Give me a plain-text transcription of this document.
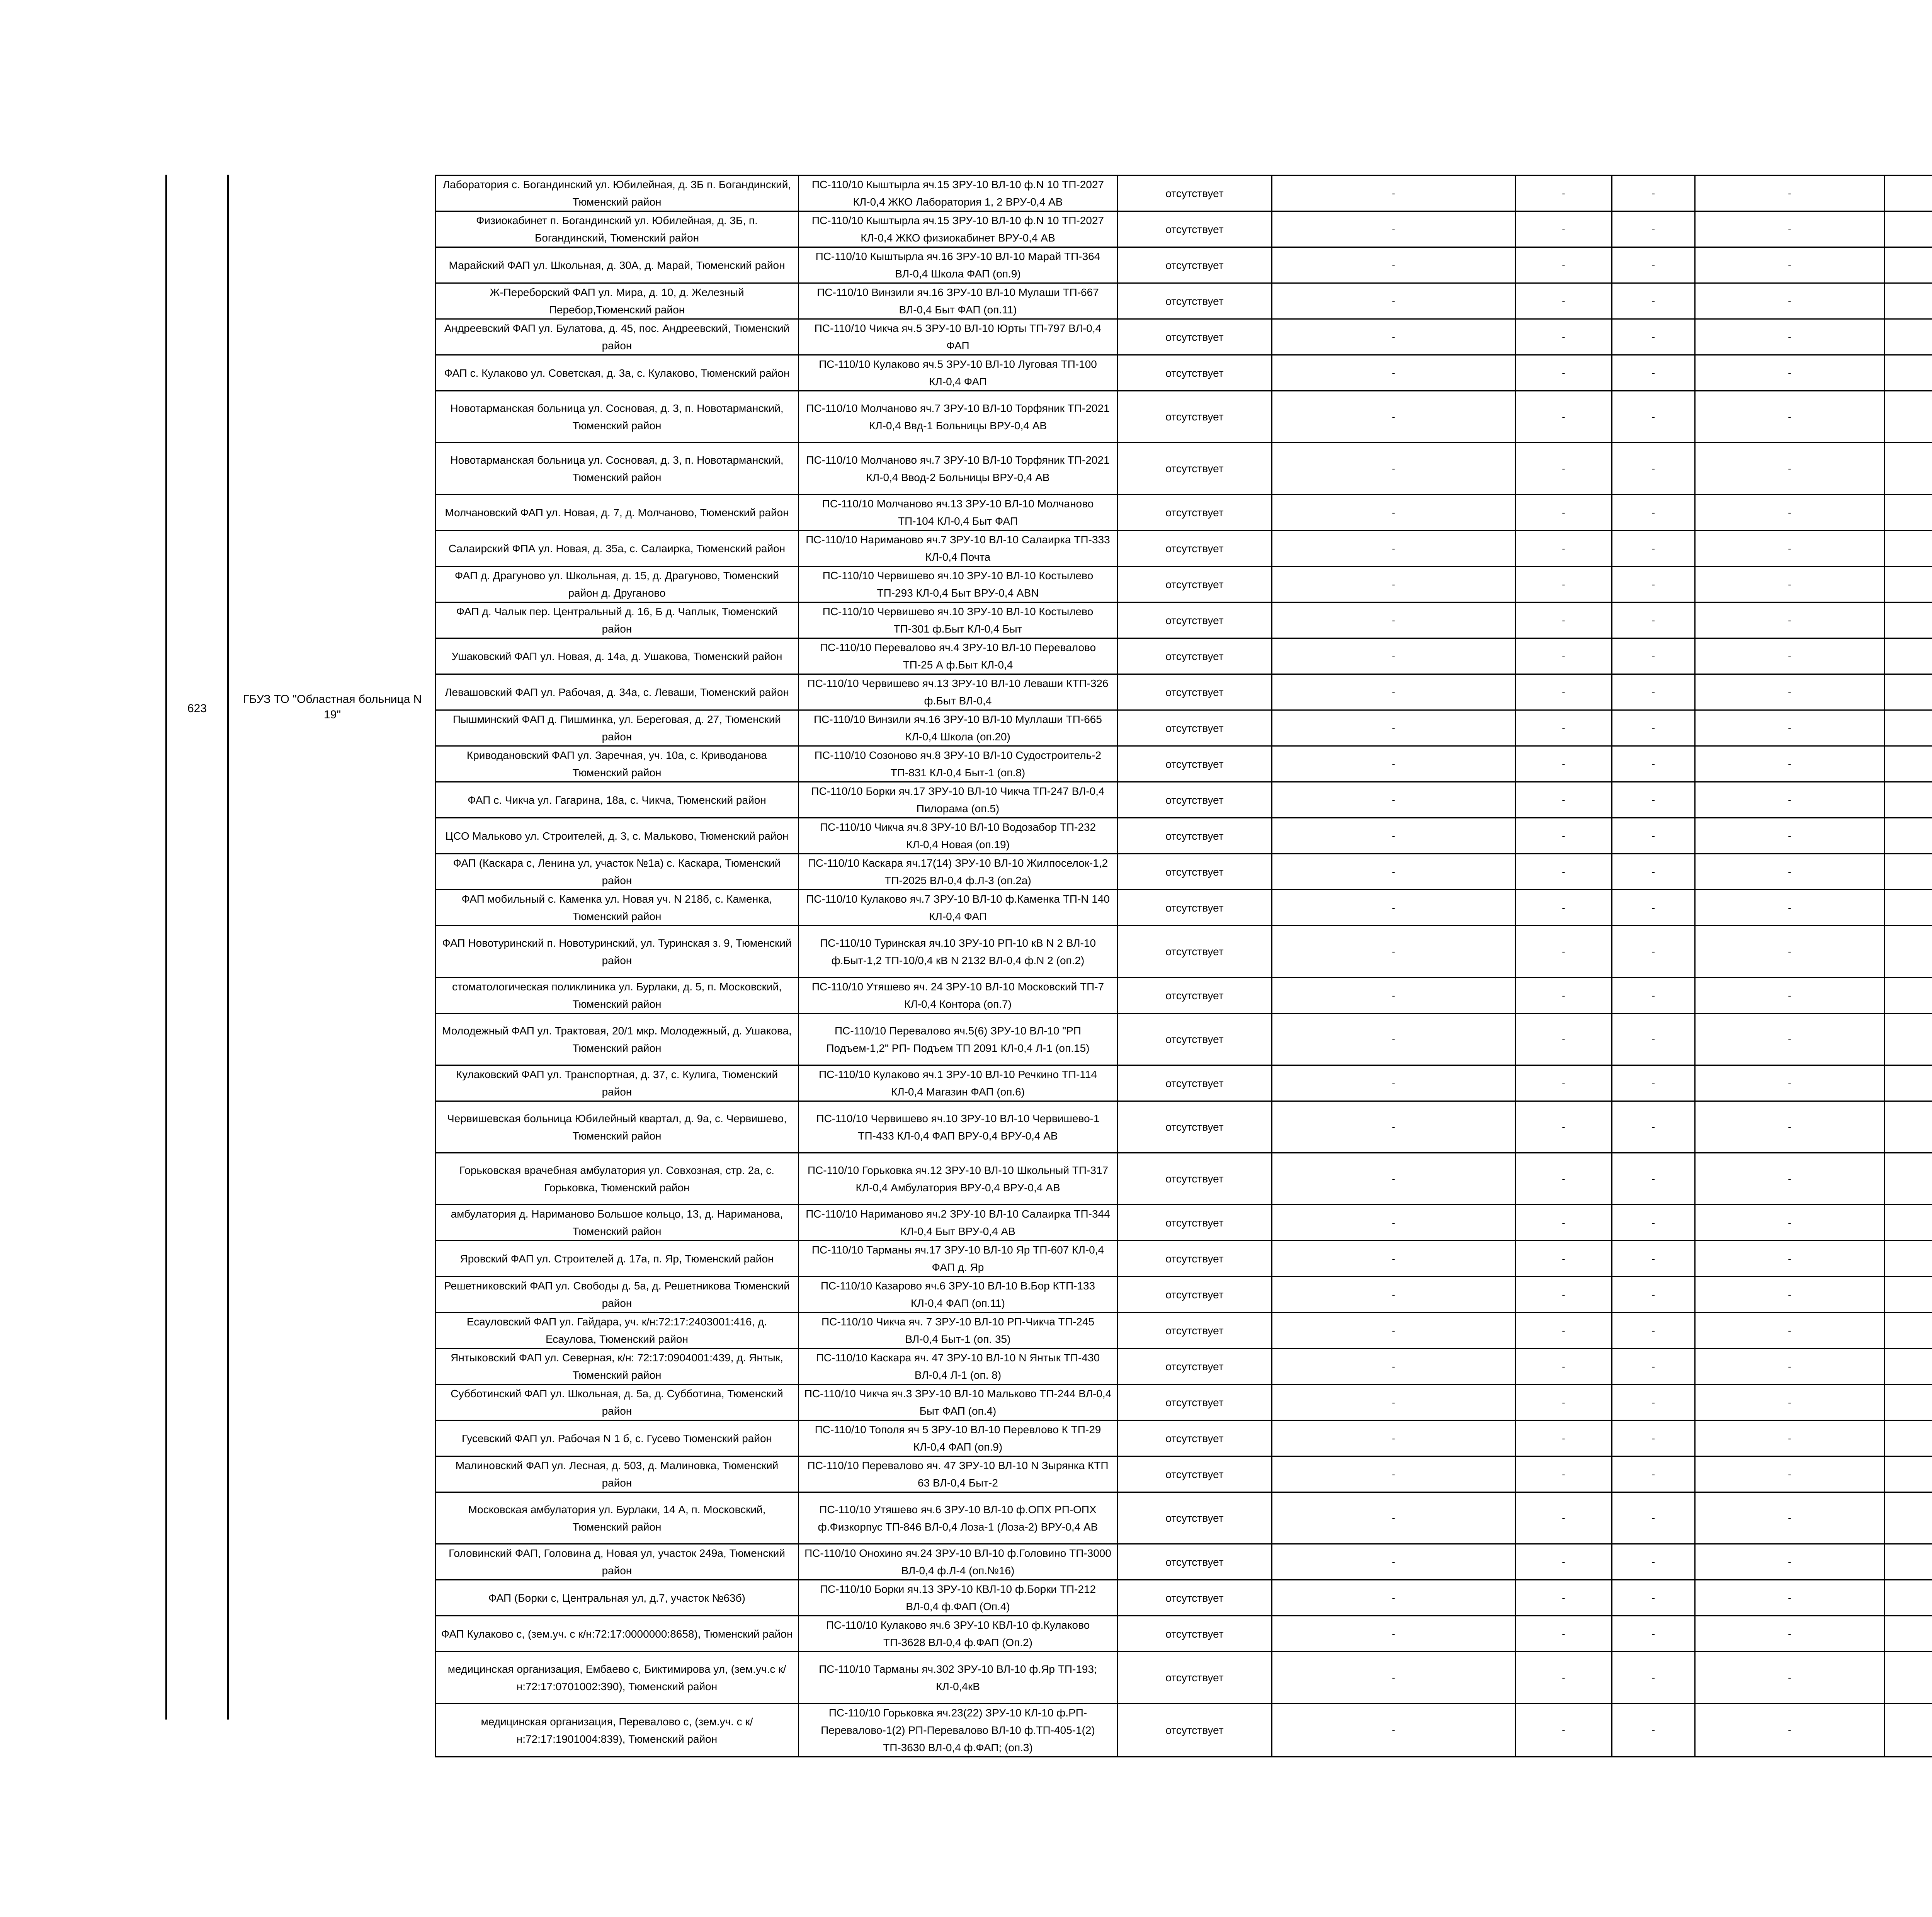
623
ГБУЗ ТО "Областная больница N 19"
Лаборатория с. Богандинский ул. Юбилейная, д. 3Б п. Богандинский, Тюменский район	ПС-110/10 Кыштырла яч.15 ЗРУ-10 ВЛ-10 ф.N 10 ТП-2027 КЛ-0,4 ЖКО Лаборатория 1, 2 ВРУ-0,4 АВ	отсутствует	-	-	-	-		
Физиокабинет п. Богандинский ул. Юбилейная, д. 3Б, п. Богандинский, Тюменский район	ПС-110/10 Кыштырла яч.15 ЗРУ-10 ВЛ-10 ф.N 10 ТП-2027 КЛ-0,4 ЖКО физиокабинет ВРУ-0,4 АВ	отсутствует	-	-	-	-		
Марайский ФАП ул. Школьная, д. 30А, д. Марай, Тюменский район	ПС-110/10 Кыштырла яч.16 ЗРУ-10 ВЛ-10 Марай ТП-364 ВЛ-0,4 Школа ФАП (оп.9)	отсутствует	-	-	-	-		
Ж-Переборский ФАП ул. Мира, д. 10, д. Железный Перебор,Тюменский район	ПС-110/10 Винзили яч.16 ЗРУ-10 ВЛ-10 Мулаши ТП-667 ВЛ-0,4 Быт ФАП (оп.11)	отсутствует	-	-	-	-		
Андреевский ФАП ул. Булатова, д. 45, пос. Андреевский, Тюменский район	ПС-110/10 Чикча яч.5 ЗРУ-10 ВЛ-10 Юрты ТП-797 ВЛ-0,4 ФАП	отсутствует	-	-	-	-		
ФАП с. Кулаково ул. Советская, д. 3а, с. Кулаково, Тюменский район	ПС-110/10 Кулаково яч.5 ЗРУ-10 ВЛ-10 Луговая ТП-100 КЛ-0,4 ФАП	отсутствует	-	-	-	-		
Новотарманская больница ул. Сосновая, д. 3, п. Новотарманский, Тюменский район	ПС-110/10 Молчаново яч.7 ЗРУ-10 ВЛ-10 Торфяник ТП-2021 КЛ-0,4 Ввд-1 Больницы ВРУ-0,4 АВ	отсутствует	-	-	-	-		
Новотарманская больница ул. Сосновая, д. 3, п. Новотарманский, Тюменский район	ПС-110/10 Молчаново яч.7 ЗРУ-10 ВЛ-10 Торфяник ТП-2021 КЛ-0,4 Ввод-2 Больницы ВРУ-0,4 АВ	отсутствует	-	-	-	-		
Молчановский ФАП ул. Новая, д. 7, д. Молчаново, Тюменский район	ПС-110/10 Молчаново яч.13 ЗРУ-10 ВЛ-10 Молчаново ТП-104 КЛ-0,4 Быт ФАП	отсутствует	-	-	-	-		
Салаирский ФПА ул. Новая, д. 35а, с. Салаирка, Тюменский район	ПС-110/10 Нариманово яч.7 ЗРУ-10 ВЛ-10 Салаирка ТП-333 КЛ-0,4 Почта	отсутствует	-	-	-	-		
ФАП д. Драгуново ул. Школьная, д. 15, д. Драгуново, Тюменский район д. Друганово	ПС-110/10 Червишево яч.10 ЗРУ-10 ВЛ-10 Костылево ТП-293 КЛ-0,4 Быт ВРУ-0,4 АВN	отсутствует	-	-	-	-		
ФАП д. Чалык пер. Центральный д. 16, Б д. Чаплык, Тюменский район	ПС-110/10 Червишево яч.10 ЗРУ-10 ВЛ-10 Костылево ТП-301 ф.Быт КЛ-0,4 Быт	отсутствует	-	-	-	-		
Ушаковский ФАП ул. Новая, д. 14а, д. Ушакова, Тюменский район	ПС-110/10 Перевалово яч.4 ЗРУ-10 ВЛ-10 Перевалово ТП-25 А ф.Быт КЛ-0,4	отсутствует	-	-	-	-		
Левашовский ФАП ул. Рабочая, д. 34а, с. Леваши, Тюменский район	ПС-110/10 Червишево яч.13 ЗРУ-10 ВЛ-10 Леваши КТП-326 ф.Быт ВЛ-0,4	отсутствует	-	-	-	-		
Пышминский ФАП д. Пишминка, ул. Береговая, д. 27, Тюменский район	ПС-110/10 Винзили яч.16 ЗРУ-10 ВЛ-10 Муллаши ТП-665 КЛ-0,4 Школа (оп.20)	отсутствует	-	-	-	-		
Криводановский ФАП ул. Заречная, уч. 10а, с. Криводанова Тюменский район	ПС-110/10 Созоново яч.8 ЗРУ-10 ВЛ-10 Судостроитель-2 ТП-831 КЛ-0,4 Быт-1 (оп.8)	отсутствует	-	-	-	-		
ФАП с. Чикча ул. Гагарина, 18а, с. Чикча, Тюменский район	ПС-110/10 Борки яч.17 ЗРУ-10 ВЛ-10 Чикча ТП-247 ВЛ-0,4 Пилорама (оп.5)	отсутствует	-	-	-	-		
ЦСО Мальково ул. Строителей, д. 3, с. Мальково, Тюменский район	ПС-110/10 Чикча яч.8 ЗРУ-10 ВЛ-10 Водозабор ТП-232 КЛ-0,4 Новая (оп.19)	отсутствует	-	-	-	-		
ФАП (Каскара с, Ленина ул, участок №1а) с. Каскара, Тюменский район	ПС-110/10 Каскара яч.17(14) ЗРУ-10 ВЛ-10 Жилпоселок-1,2 ТП-2025 ВЛ-0,4 ф.Л-3 (оп.2а)	отсутствует	-	-	-	-		
ФАП мобильный с. Каменка ул. Новая уч. N 218б, с. Каменка, Тюменский район	ПС-110/10 Кулаково яч.7 ЗРУ-10 ВЛ-10 ф.Каменка ТП-N 140 КЛ-0,4 ФАП	отсутствует	-	-	-	-		
ФАП Новотуринский п. Новотуринский, ул. Туринская з. 9, Тюменский район	ПС-110/10 Туринская яч.10 ЗРУ-10 РП-10 кВ N 2 ВЛ-10 ф.Быт-1,2 ТП-10/0,4 кВ N 2132 ВЛ-0,4 ф.N 2 (оп.2)	отсутствует	-	-	-	-		
стоматологическая поликлиника ул. Бурлаки, д. 5, п. Московский, Тюменский район	ПС-110/10 Утяшево яч. 24 ЗРУ-10 ВЛ-10 Московский ТП-7 КЛ-0,4 Контора (оп.7)	отсутствует	-	-	-	-		
Молодежный ФАП ул. Трактовая, 20/1 мкр. Молодежный, д. Ушакова, Тюменский район	ПС-110/10 Перевалово яч.5(6) ЗРУ-10 ВЛ-10 "РП Подъем-1,2" РП- Подъем ТП 2091 КЛ-0,4 Л-1 (оп.15)	отсутствует	-	-	-	-		
Кулаковский ФАП ул. Транспортная, д. 37, с. Кулига, Тюменский район	ПС-110/10 Кулаково яч.1 ЗРУ-10 ВЛ-10 Речкино ТП-114 КЛ-0,4 Магазин ФАП (оп.6)	отсутствует	-	-	-	-		
Червишевская больница Юбилейный квартал, д. 9а, с. Червишево, Тюменский район	ПС-110/10 Червишево яч.10 ЗРУ-10 ВЛ-10 Червишево-1 ТП-433 КЛ-0,4 ФАП ВРУ-0,4 ВРУ-0,4 АВ	отсутствует	-	-	-	-		
Горьковская врачебная амбулатория ул. Совхозная, стр. 2а, с. Горьковка, Тюменский район	ПС-110/10 Горьковка яч.12 ЗРУ-10 ВЛ-10 Школьный ТП-317 КЛ-0,4 Амбулатория ВРУ-0,4 ВРУ-0,4 АВ	отсутствует	-	-	-	-		
амбулатория д. Нариманово Большое кольцо, 13, д. Нариманова, Тюменский район	ПС-110/10 Нариманово яч.2 ЗРУ-10 ВЛ-10 Салаирка ТП-344 КЛ-0,4 Быт ВРУ-0,4 АВ	отсутствует	-	-	-	-		
Яровский ФАП ул. Строителей д. 17а, п. Яр, Тюменский район	ПС-110/10 Тарманы яч.17 ЗРУ-10 ВЛ-10 Яр ТП-607 КЛ-0,4 ФАП д. Яр	отсутствует	-	-	-	-		
Решетниковский ФАП ул. Свободы д. 5а, д. Решетникова Тюменский район	ПС-110/10 Казарово яч.6 ЗРУ-10 ВЛ-10 В.Бор КТП-133 КЛ-0,4 ФАП (оп.11)	отсутствует	-	-	-	-		
Есауловский ФАП ул. Гайдара, уч. к/н:72:17:2403001:416, д. Есаулова, Тюменский район	ПС-110/10 Чикча яч. 7 ЗРУ-10 ВЛ-10 РП-Чикча ТП-245 ВЛ-0,4 Быт-1 (оп. 35)	отсутствует	-	-	-	-		
Янтыковский ФАП ул. Северная, к/н: 72:17:0904001:439, д. Янтык, Тюменский район	ПС-110/10 Каскара яч. 47 ЗРУ-10 ВЛ-10 N Янтык ТП-430 ВЛ-0,4 Л-1 (оп. 8)	отсутствует	-	-	-	-		
Субботинский ФАП ул. Школьная, д. 5а, д. Субботина, Тюменский район	ПС-110/10 Чикча яч.3 ЗРУ-10 ВЛ-10 Мальково ТП-244 ВЛ-0,4 Быт ФАП (оп.4)	отсутствует	-	-	-	-		
Гусевский ФАП ул. Рабочая N 1 б, с. Гусево Тюменский район	ПС-110/10 Тополя яч 5 ЗРУ-10 ВЛ-10 Перевлово К ТП-29 КЛ-0,4 ФАП (оп.9)	отсутствует	-	-	-	-		
Малиновский ФАП ул. Лесная, д. 503, д. Малиновка, Тюменский район	ПС-110/10 Перевалово яч. 47 ЗРУ-10 ВЛ-10 N Зырянка КТП 63 ВЛ-0,4 Быт-2	отсутствует	-	-	-	-		
Московская амбулатория ул. Бурлаки, 14 А, п. Московский, Тюменский район	ПС-110/10 Утяшево яч.6 ЗРУ-10 ВЛ-10 ф.ОПХ РП-ОПХ ф.Физкорпус ТП-846 ВЛ-0,4 Лоза-1 (Лоза-2) ВРУ-0,4 АВ	отсутствует	-	-	-	-		
Головинский ФАП, Головина д, Новая ул, участок 249а, Тюменский район	ПС-110/10 Онохино яч.24 ЗРУ-10 ВЛ-10 ф.Головино ТП-3000 ВЛ-0,4 ф.Л-4 (оп.№16)	отсутствует	-	-	-	-		
ФАП (Борки с, Центральная ул, д.7, участок №63б)	ПС-110/10 Борки яч.13 ЗРУ-10 КВЛ-10 ф.Борки ТП-212 ВЛ-0,4 ф.ФАП (Оп.4)	отсутствует	-	-	-	-		
ФАП Кулаково с, (зем.уч. с к/н:72:17:0000000:8658), Тюменский район	ПС-110/10 Кулаково яч.6 ЗРУ-10 КВЛ-10 ф.Кулаково ТП-3628 ВЛ-0,4 ф.ФАП (Оп.2)	отсутствует	-	-	-	-		
медицинская организация, Ембаево с, Биктимирова ул, (зем.уч.с к/н:72:17:0701002:390), Тюменский район	ПС-110/10 Тарманы яч.302 ЗРУ-10 ВЛ-10 ф.Яр ТП-193; КЛ-0,4кВ	отсутствует	-	-	-	-		
медицинская организация, Перевалово с, (зем.уч. с к/н:72:17:1901004:839), Тюменский район	ПС-110/10 Горьковка яч.23(22) ЗРУ-10 КЛ-10 ф.РП-Перевалово-1(2) РП-Перевалово ВЛ-10 ф.ТП-405-1(2) ТП-3630 ВЛ-0,4 ф.ФАП; (оп.3)	отсутствует	-	-	-	-		
